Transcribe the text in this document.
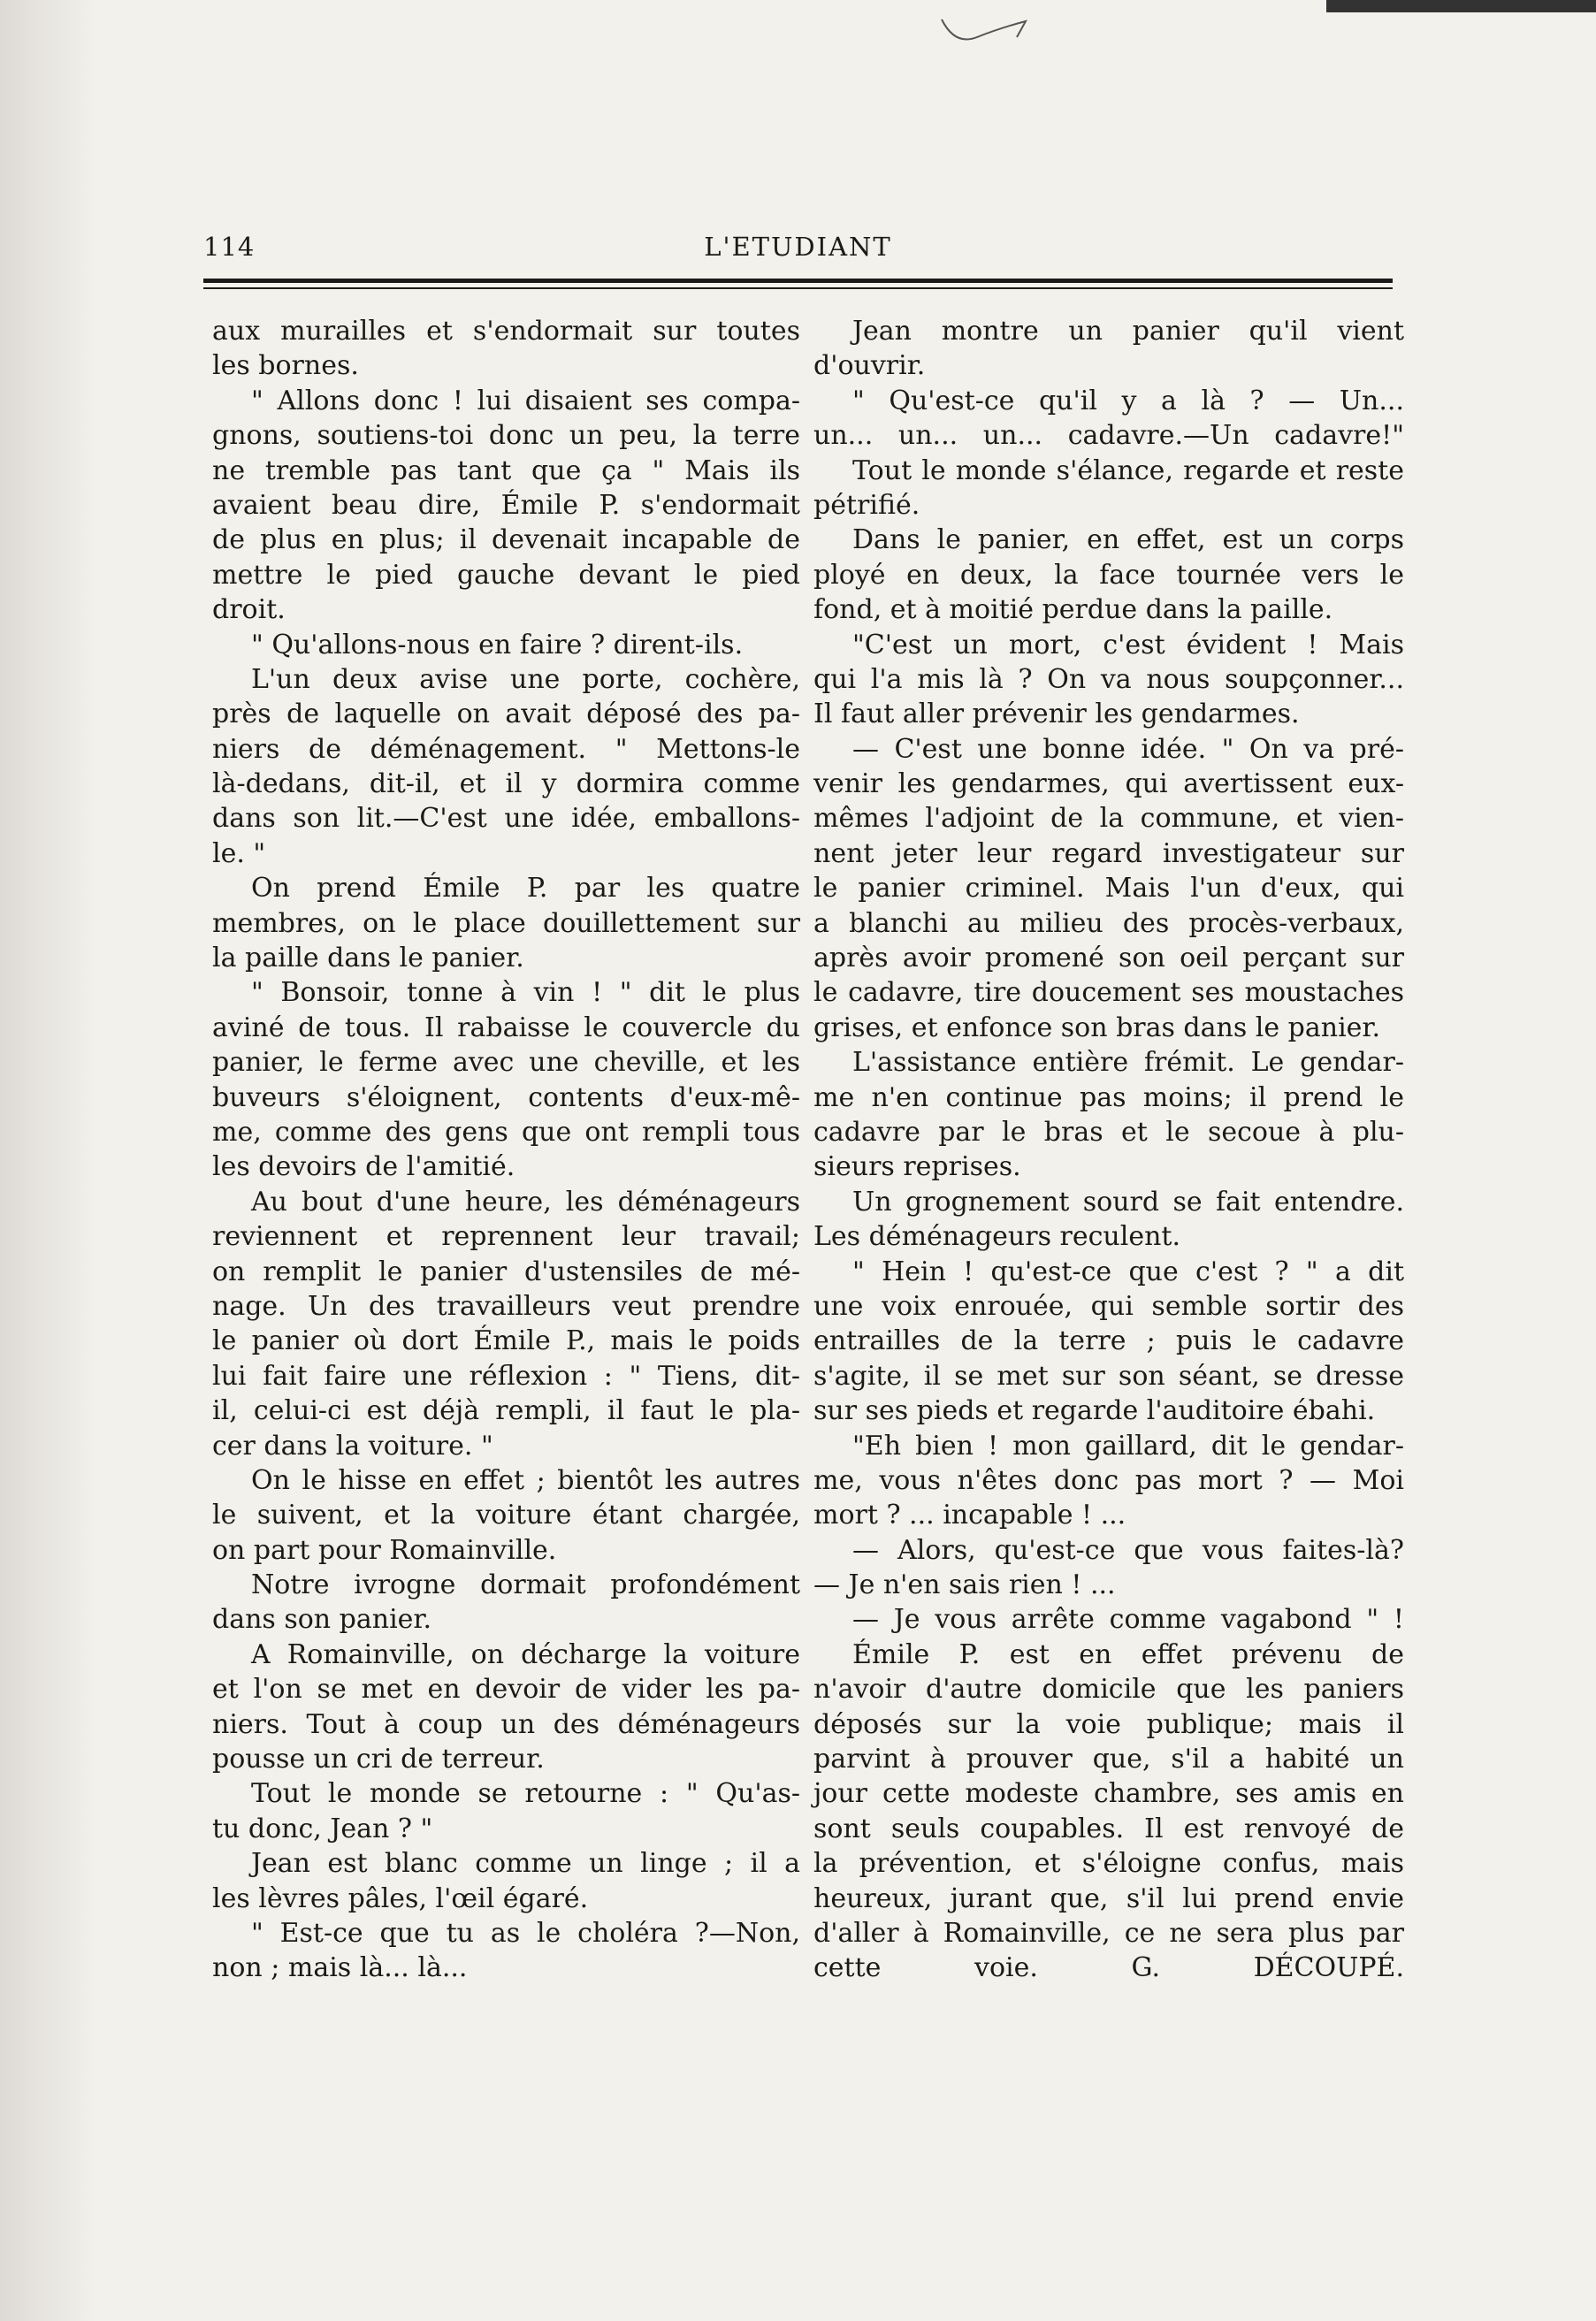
114	L'ETUDIANT
aux murailles et s'endormait sur toutes
les bornes.
" Allons donc ! lui disaient ses compa-
gnons, soutiens-toi donc un peu, la terre
ne tremble pas tant que ça " Mais ils
avaient beau dire, Émile P. s'endormait
de plus en plus; il devenait incapable de
mettre le pied gauche devant le pied
droit.
" Qu'allons-nous en faire ? dirent-ils.
L'un deux avise une porte, cochère,
près de laquelle on avait déposé des pa-
niers de déménagement. " Mettons-le
là-dedans, dit-il, et il y dormira comme
dans son lit.—C'est une idée, emballons-
le. "
On prend Émile P. par les quatre
membres, on le place douillettement sur
la paille dans le panier.
" Bonsoir, tonne à vin ! " dit le plus
aviné de tous. Il rabaisse le couvercle du
panier, le ferme avec une cheville, et les
buveurs s'éloignent, contents d'eux-mê-
me, comme des gens que ont rempli tous
les devoirs de l'amitié.
Au bout d'une heure, les déménageurs
reviennent et reprennent leur travail;
on remplit le panier d'ustensiles de mé-
nage. Un des travailleurs veut prendre
le panier où dort Émile P., mais le poids
lui fait faire une réflexion : " Tiens, dit-
il, celui-ci est déjà rempli, il faut le pla-
cer dans la voiture. "
On le hisse en effet ; bientôt les autres
le suivent, et la voiture étant chargée,
on part pour Romainville.
Notre ivrogne dormait profondément
dans son panier.
A Romainville, on décharge la voiture
et l'on se met en devoir de vider les pa-
niers. Tout à coup un des déménageurs
pousse un cri de terreur.
Tout le monde se retourne : " Qu'as-
tu donc, Jean ? "
Jean est blanc comme un linge ; il a
les lèvres pâles, l'œil égaré.
" Est-ce que tu as le choléra ?—Non,
non ; mais là... là...
Jean montre un panier qu'il vient
d'ouvrir.
" Qu'est-ce qu'il y a là ? — Un...
un... un... un... cadavre.—Un cadavre!"
Tout le monde s'élance, regarde et reste
pétrifié.
Dans le panier, en effet, est un corps
ployé en deux, la face tournée vers le
fond, et à moitié perdue dans la paille.
"C'est un mort, c'est évident ! Mais
qui l'a mis là ? On va nous soupçonner...
Il faut aller prévenir les gendarmes.
— C'est une bonne idée. " On va pré-
venir les gendarmes, qui avertissent eux-
mêmes l'adjoint de la commune, et vien-
nent jeter leur regard investigateur sur
le panier criminel. Mais l'un d'eux, qui
a blanchi au milieu des procès-verbaux,
après avoir promené son oeil perçant sur
le cadavre, tire doucement ses moustaches
grises, et enfonce son bras dans le panier.
L'assistance entière frémit. Le gendar-
me n'en continue pas moins; il prend le
cadavre par le bras et le secoue à plu-
sieurs reprises.
Un grognement sourd se fait entendre.
Les déménageurs reculent.
" Hein ! qu'est-ce que c'est ? " a dit
une voix enrouée, qui semble sortir des
entrailles de la terre ; puis le cadavre
s'agite, il se met sur son séant, se dresse
sur ses pieds et regarde l'auditoire ébahi.
"Eh bien ! mon gaillard, dit le gendar-
me, vous n'êtes donc pas mort ? — Moi
mort ? ... incapable ! ...
— Alors, qu'est-ce que vous faites-là?
— Je n'en sais rien ! ...
— Je vous arrête comme vagabond " !
Émile P. est en effet prévenu de
n'avoir d'autre domicile que les paniers
déposés sur la voie publique; mais il
parvint à prouver que, s'il a habité un
jour cette modeste chambre, ses amis en
sont seuls coupables. Il est renvoyé de
la prévention, et s'éloigne confus, mais
heureux, jurant que, s'il lui prend envie
d'aller à Romainville, ce ne sera plus par
cette voie. G. DÉCOUPÉ.
